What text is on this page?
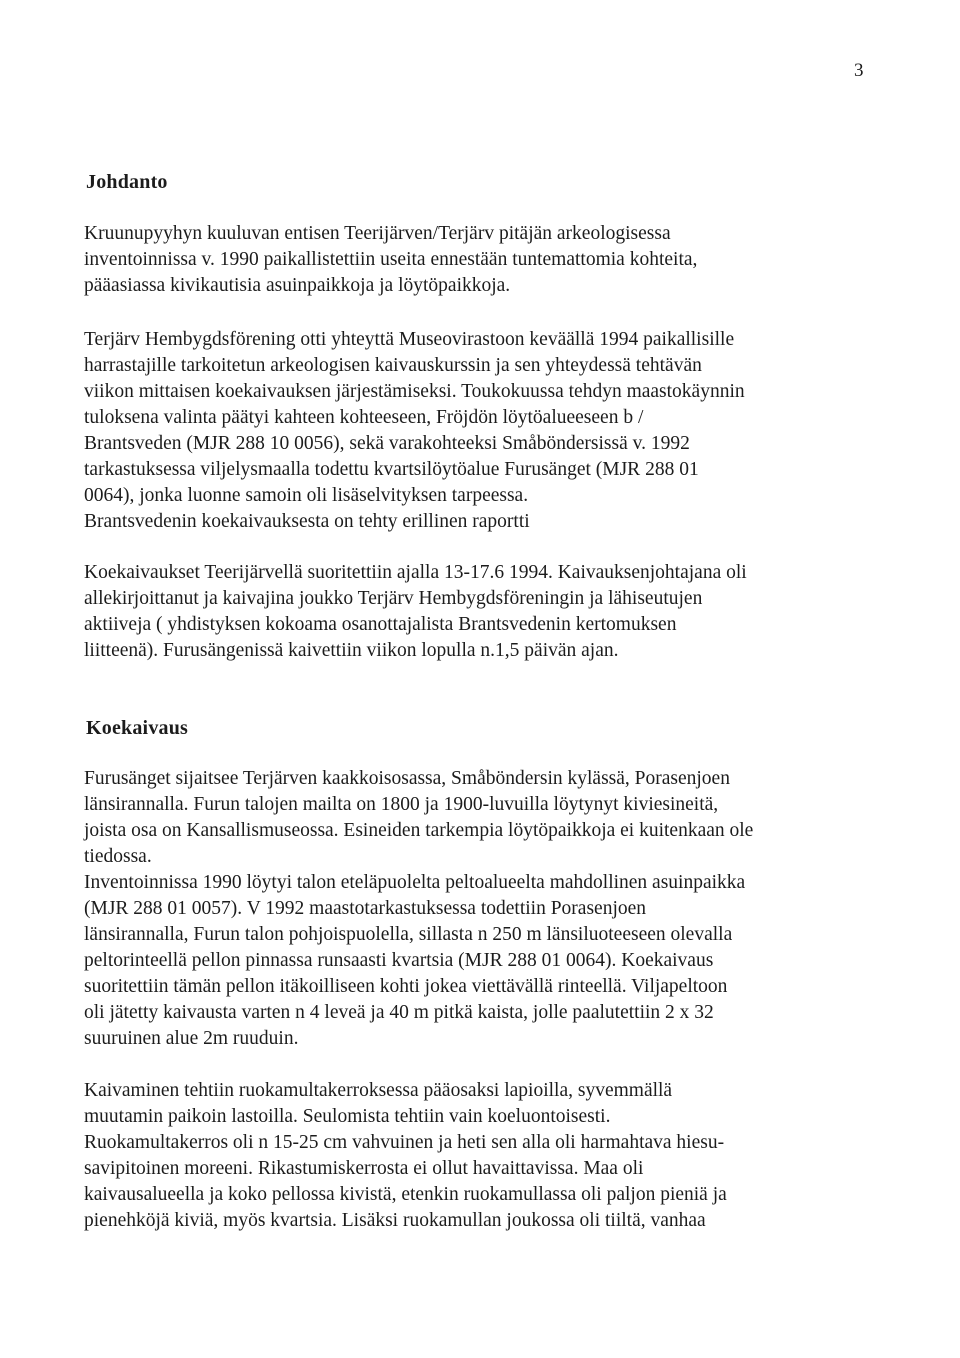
3
Johdanto
Kruunupyyhyn kuuluvan entisen Teerijärven/Terjärv pitäjän arkeologisessa
inventoinnissa v. 1990 paikallistettiin useita ennestään tuntemattomia kohteita,
pääasiassa kivikautisia asuinpaikkoja ja löytöpaikkoja.
Terjärv Hembygdsförening otti yhteyttä Museovirastoon keväällä 1994 paikallisille
harrastajille tarkoitetun arkeologisen kaivauskurssin ja sen yhteydessä tehtävän
viikon mittaisen koekaivauksen järjestämiseksi. Toukokuussa tehdyn maastokäynnin
tuloksena valinta päätyi kahteen kohteeseen, Fröjdön löytöalueeseen b /
Brantsveden (MJR 288 10 0056), sekä varakohteeksi Småböndersissä v. 1992
tarkastuksessa viljelysmaalla todettu kvartsilöytöalue Furusänget (MJR 288 01
0064), jonka luonne samoin oli lisäselvityksen tarpeessa.
Brantsvedenin koekaivauksesta on tehty erillinen raportti
Koekaivaukset Teerijärvellä suoritettiin ajalla 13-17.6 1994. Kaivauksenjohtajana oli
allekirjoittanut ja kaivajina joukko Terjärv Hembygdsföreningin ja lähiseutujen
aktiiveja ( yhdistyksen kokoama osanottajalista Brantsvedenin kertomuksen
liitteenä). Furusängenissä kaivettiin viikon lopulla n.1,5 päivän ajan.
Koekaivaus
Furusänget sijaitsee Terjärven kaakkoisosassa, Småböndersin kylässä, Porasenjoen
länsirannalla. Furun talojen mailta on 1800 ja 1900-luvuilla löytynyt kiviesineitä,
joista osa on Kansallismuseossa. Esineiden tarkempia löytöpaikkoja ei kuitenkaan ole
tiedossa.
Inventoinnissa 1990 löytyi talon eteläpuolelta peltoalueelta mahdollinen asuinpaikka
(MJR 288 01 0057). V 1992 maastotarkastuksessa todettiin Porasenjoen
länsirannalla, Furun talon pohjoispuolella, sillasta n 250 m länsiluoteeseen olevalla
peltorinteellä pellon pinnassa runsaasti kvartsia (MJR 288 01 0064). Koekaivaus
suoritettiin tämän pellon itäkoilliseen kohti jokea viettävällä rinteellä. Viljapeltoon
oli jätetty kaivausta varten n 4 leveä ja 40 m pitkä kaista, jolle paalutettiin 2 x 32
suuruinen alue 2m ruuduin.
Kaivaminen tehtiin ruokamultakerroksessa pääosaksi lapioilla, syvemmällä
muutamin paikoin lastoilla. Seulomista tehtiin vain koeluontoisesti.
Ruokamultakerros oli n 15-25 cm vahvuinen ja heti sen alla oli harmahtava hiesu-
savipitoinen moreeni. Rikastumiskerrosta ei ollut havaittavissa. Maa oli
kaivausalueella ja koko pellossa kivistä, etenkin ruokamullassa oli paljon pieniä ja
pienehköjä kiviä, myös kvartsia. Lisäksi ruokamullan joukossa oli tiiltä, vanhaa
